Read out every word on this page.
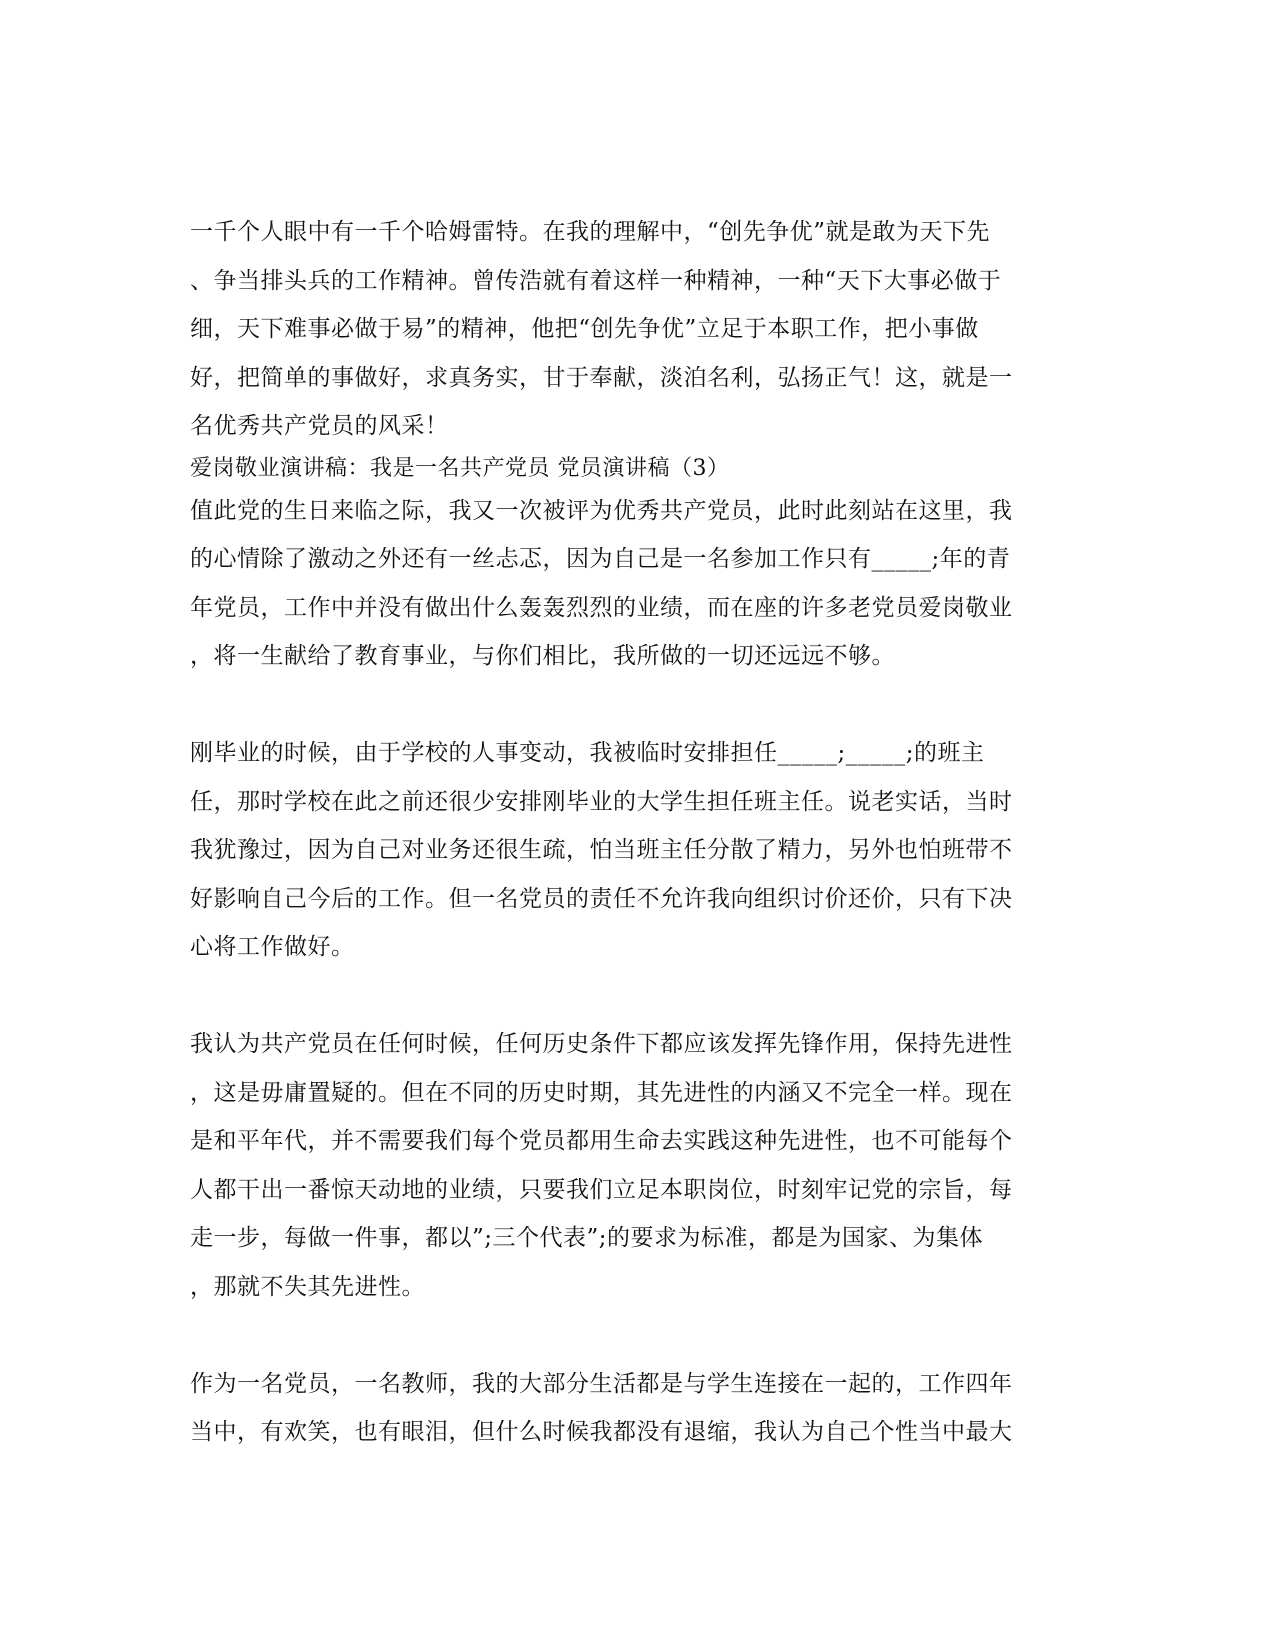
一千个人眼中有一千个哈姆雷特。在我的理解中，“创先争优”就是敢为天下先

、争当排头兵的工作精神。曾传浩就有着这样一种精神，一种“天下大事必做于

细，天下难事必做于易”的精神，他把“创先争优”立足于本职工作，把小事做

好，把简单的事做好，求真务实，甘于奉献，淡泊名利，弘扬正气！这，就是一

名优秀共产党员的风采！

爱岗敬业演讲稿：我是一名共产党员 党员演讲稿（3）

值此党的生日来临之际，我又一次被评为优秀共产党员，此时此刻站在这里，我

的心情除了激动之外还有一丝忐忑，因为自己是一名参加工作只有_____;年的青

年党员，工作中并没有做出什么轰轰烈烈的业绩，而在座的许多老党员爱岗敬业

，将一生献给了教育事业，与你们相比，我所做的一切还远远不够。

刚毕业的时候，由于学校的人事变动，我被临时安排担任_____;_____;的班主

任，那时学校在此之前还很少安排刚毕业的大学生担任班主任。说老实话，当时

我犹豫过，因为自己对业务还很生疏，怕当班主任分散了精力，另外也怕班带不

好影响自己今后的工作。但一名党员的责任不允许我向组织讨价还价，只有下决

心将工作做好。

我认为共产党员在任何时候，任何历史条件下都应该发挥先锋作用，保持先进性

，这是毋庸置疑的。但在不同的历史时期，其先进性的内涵又不完全一样。现在

是和平年代，并不需要我们每个党员都用生命去实践这种先进性，也不可能每个

人都干出一番惊天动地的业绩，只要我们立足本职岗位，时刻牢记党的宗旨，每

走一步，每做一件事，都以”;三个代表”;的要求为标准，都是为国家、为集体

，那就不失其先进性。

作为一名党员，一名教师，我的大部分生活都是与学生连接在一起的，工作四年

当中，有欢笑，也有眼泪，但什么时候我都没有退缩，我认为自己个性当中最大
